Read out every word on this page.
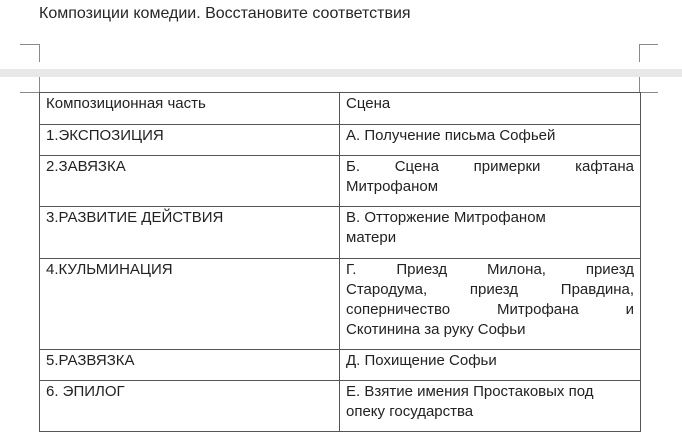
Композиции комедии. Восстановите соответствия
Композиционная часть	Сцена
1.ЭКСПОЗИЦИЯ	А. Получение письма Софьей

2.ЗАВЯЗКА	Б. Сцена примерки кафтана
Митрофаном

3.РАЗВИТИЕ ДЕЙСТВИЯ	В. Отторжение Митрофаном
матери

4.КУЛЬМИНАЦИЯ	Г. Приезд Милона, приезд
Стародума, приезд Правдина,
соперничество Митрофана и
Скотинина за руку Софьи

5.РАЗВЯЗКА	Д. Похищение Софьи

6. ЭПИЛОГ	Е. Взятие имения Простаковых под
опеку государства
